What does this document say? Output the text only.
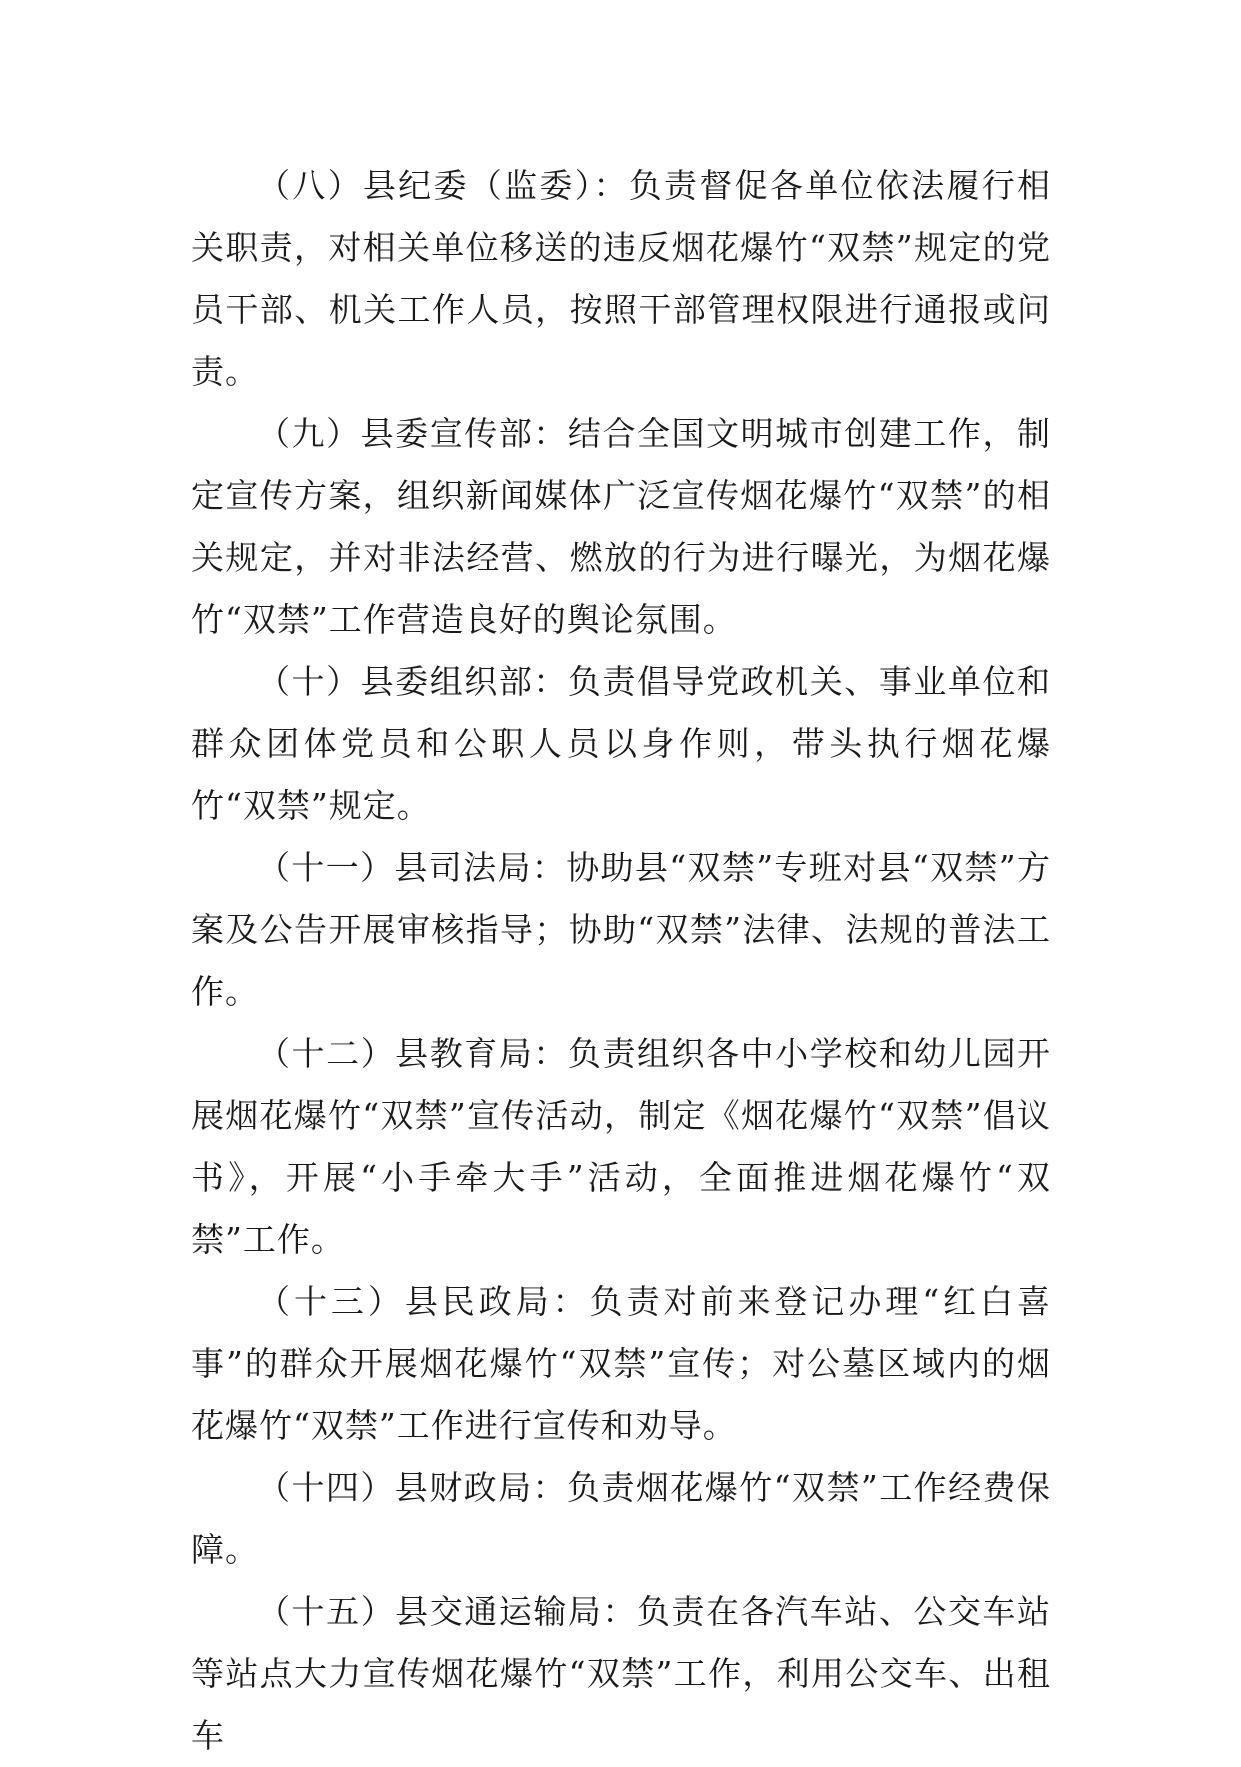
（八）县纪委（监委）：负责督促各单位依法履行相关职责，对相关单位移送的违反烟花爆竹“双禁”规定的党员干部、机关工作人员，按照干部管理权限进行通报或问责。

（九）县委宣传部：结合全国文明城市创建工作，制定宣传方案，组织新闻媒体广泛宣传烟花爆竹“双禁”的相关规定，并对非法经营、燃放的行为进行曝光，为烟花爆竹“双禁”工作营造良好的舆论氛围。

（十）县委组织部：负责倡导党政机关、事业单位和群众团体党员和公职人员以身作则，带头执行烟花爆竹“双禁”规定。

（十一）县司法局：协助县“双禁”专班对县“双禁”方案及公告开展审核指导；协助“双禁”法律、法规的普法工作。

（十二）县教育局：负责组织各中小学校和幼儿园开展烟花爆竹“双禁”宣传活动，制定《烟花爆竹“双禁”倡议书》，开展“小手牵大手”活动，全面推进烟花爆竹“双禁”工作。

（十三）县民政局：负责对前来登记办理“红白喜事”的群众开展烟花爆竹“双禁”宣传；对公墓区域内的烟花爆竹“双禁”工作进行宣传和劝导。

（十四）县财政局：负责烟花爆竹“双禁”工作经费保障。

（十五）县交通运输局：负责在各汽车站、公交车站等站点大力宣传烟花爆竹“双禁”工作，利用公交车、出租车
